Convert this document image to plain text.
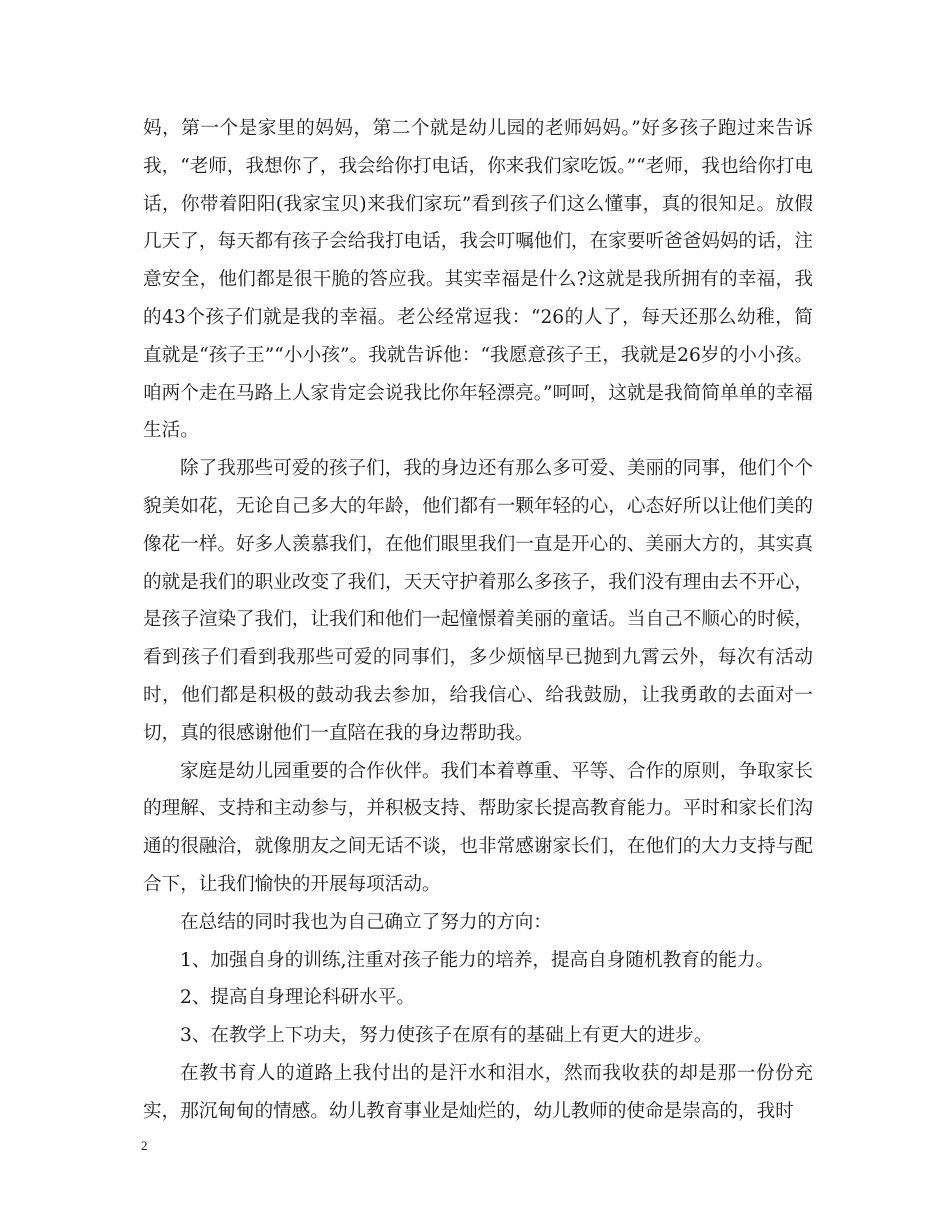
妈，第一个是家里的妈妈，第二个就是幼儿园的老师妈妈。”好多孩子跑过来告诉我，“老师，我想你了，我会给你打电话，你来我们家吃饭。”“老师，我也给你打电话，你带着阳阳(我家宝贝)来我们家玩”看到孩子们这么懂事，真的很知足。放假几天了，每天都有孩子会给我打电话，我会叮嘱他们，在家要听爸爸妈妈的话，注意安全，他们都是很干脆的答应我。其实幸福是什么?这就是我所拥有的幸福，我的43个孩子们就是我的幸福。老公经常逗我：“26的人了，每天还那么幼稚，简直就是“孩子王”“小小孩”。我就告诉他：“我愿意孩子王，我就是26岁的小小孩。咱两个走在马路上人家肯定会说我比你年轻漂亮。”呵呵，这就是我简简单单的幸福生活。

除了我那些可爱的孩子们，我的身边还有那么多可爱、美丽的同事，他们个个貌美如花，无论自己多大的年龄，他们都有一颗年轻的心，心态好所以让他们美的像花一样。好多人羡慕我们，在他们眼里我们一直是开心的、美丽大方的，其实真的就是我们的职业改变了我们，天天守护着那么多孩子，我们没有理由去不开心，是孩子渲染了我们，让我们和他们一起憧憬着美丽的童话。当自己不顺心的时候，看到孩子们看到我那些可爱的同事们，多少烦恼早已抛到九霄云外，每次有活动时，他们都是积极的鼓动我去参加，给我信心、给我鼓励，让我勇敢的去面对一切，真的很感谢他们一直陪在我的身边帮助我。

家庭是幼儿园重要的合作伙伴。我们本着尊重、平等、合作的原则，争取家长的理解、支持和主动参与，并积极支持、帮助家长提高教育能力。平时和家长们沟通的很融洽，就像朋友之间无话不谈，也非常感谢家长们，在他们的大力支持与配合下，让我们愉快的开展每项活动。

在总结的同时我也为自己确立了努力的方向：

1、加强自身的训练,注重对孩子能力的培养，提高自身随机教育的能力。

2、提高自身理论科研水平。

3、在教学上下功夫，努力使孩子在原有的基础上有更大的进步。

在教书育人的道路上我付出的是汗水和泪水，然而我收获的却是那一份份充实，那沉甸甸的情感。幼儿教育事业是灿烂的，幼儿教师的使命是崇高的，我时

2
